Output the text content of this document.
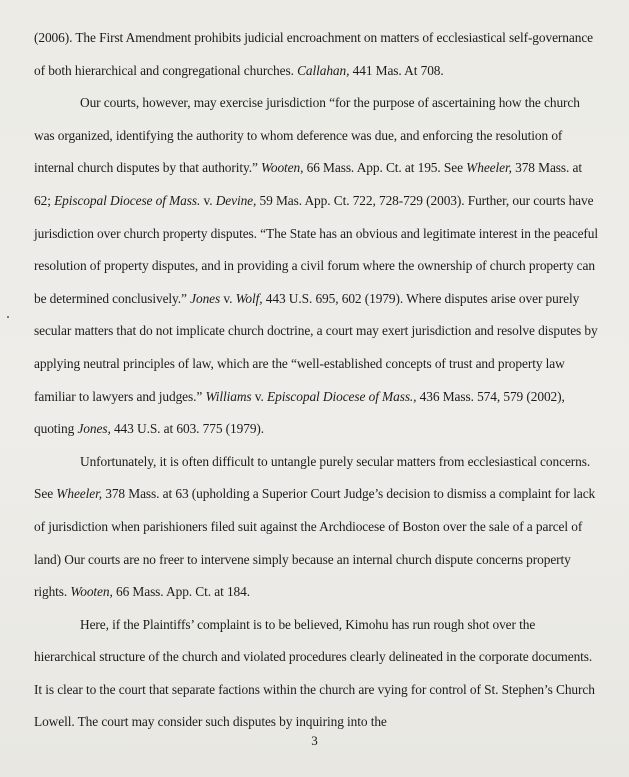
(2006). The First Amendment prohibits judicial encroachment on matters of ecclesiastical self-governance of both hierarchical and congregational churches. Callahan, 441 Mas. At 708.

Our courts, however, may exercise jurisdiction “for the purpose of ascertaining how the church was organized, identifying the authority to whom deference was due, and enforcing the resolution of internal church disputes by that authority.” Wooten, 66 Mass. App. Ct. at 195. See Wheeler, 378 Mass. at 62; Episcopal Diocese of Mass. v. Devine, 59 Mas. App. Ct. 722, 728-729 (2003). Further, our courts have jurisdiction over church property disputes. “The State has an obvious and legitimate interest in the peaceful resolution of property disputes, and in providing a civil forum where the ownership of church property can be determined conclusively.” Jones v. Wolf, 443 U.S. 695, 602 (1979). Where disputes arise over purely secular matters that do not implicate church doctrine, a court may exert jurisdiction and resolve disputes by applying neutral principles of law, which are the “well-established concepts of trust and property law familiar to lawyers and judges.” Williams v. Episcopal Diocese of Mass., 436 Mass. 574, 579 (2002), quoting Jones, 443 U.S. at 603. 775 (1979).

Unfortunately, it is often difficult to untangle purely secular matters from ecclesiastical concerns. See Wheeler, 378 Mass. at 63 (upholding a Superior Court Judge’s decision to dismiss a complaint for lack of jurisdiction when parishioners filed suit against the Archdiocese of Boston over the sale of a parcel of land) Our courts are no freer to intervene simply because an internal church dispute concerns property rights. Wooten, 66 Mass. App. Ct. at 184.

Here, if the Plaintiffs’ complaint is to be believed, Kimohu has run rough shot over the hierarchical structure of the church and violated procedures clearly delineated in the corporate documents. It is clear to the court that separate factions within the church are vying for control of St. Stephen’s Church Lowell. The court may consider such disputes by inquiring into the

3
